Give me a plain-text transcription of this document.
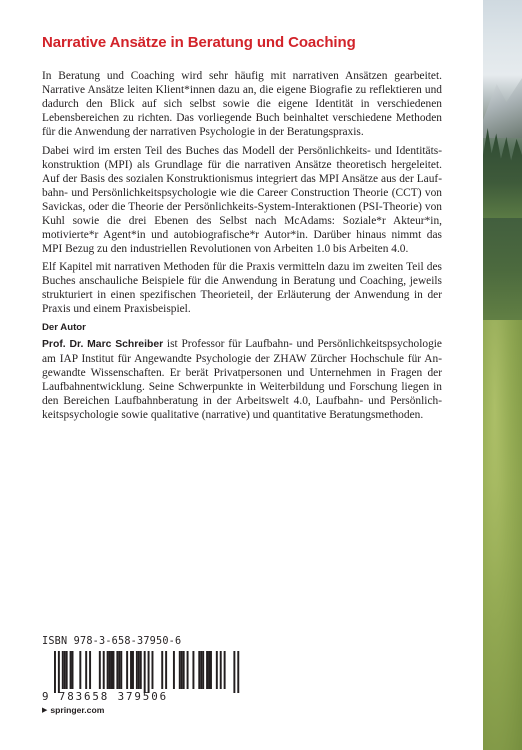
Narrative Ansätze in Beratung und Coaching

In Beratung und Coaching wird sehr häufig mit narrativen Ansätzen gearbeitet. Narrative Ansätze leiten Klient*innen dazu an, die eigene Biografie zu reflektieren und dadurch den Blick auf sich selbst sowie die eigene Identität in verschiedenen Lebensbereichen zu richten. Das vorliegende Buch beinhaltet verschiedene Methoden für die Anwendung der narrativen Psychologie in der Beratungspraxis.

Dabei wird im ersten Teil des Buches das Modell der Persönlichkeits- und Identitätskonstruktion (MPI) als Grundlage für die narrativen Ansätze theoretisch hergeleitet. Auf der Basis des sozialen Konstruktionismus integriert das MPI Ansätze aus der Laufbahn- und Persönlichkeitspsychologie wie die Career Construction Theorie (CCT) von Savickas, oder die Theorie der Persönlichkeits-System-Interaktionen (PSI-Theorie) von Kuhl sowie die drei Ebenen des Selbst nach McAdams: Soziale*r Akteur*in, motivierte*r Agent*in und autobiografische*r Autor*in. Darüber hinaus nimmt das MPI Bezug zu den industriellen Revolutionen von Arbeiten 1.0 bis Arbeiten 4.0.

Elf Kapitel mit narrativen Methoden für die Praxis vermitteln dazu im zweiten Teil des Buches anschauliche Beispiele für die Anwendung in Beratung und Coaching, jeweils strukturiert in einen spezifischen Theorieteil, der Erläuterung der Anwendung in der Praxis und einem Praxisbeispiel.

Der Autor

Prof. Dr. Marc Schreiber ist Professor für Laufbahn- und Persönlichkeitspsychologie am IAP Institut für Angewandte Psychologie der ZHAW Zürcher Hochschule für Angewandte Wissenschaften. Er berät Privatpersonen und Unternehmen in Fragen der Laufbahnentwicklung. Seine Schwerpunkte in Weiterbildung und Forschung liegen in den Bereichen Laufbahnberatung in der Arbeitswelt 4.0, Laufbahn- und Persönlichkeitspsychologie sowie qualitative (narrative) und quantitative Beratungsmethoden.

ISBN 978-3-658-37950-6
9 783658 379506
▶ springer.com
